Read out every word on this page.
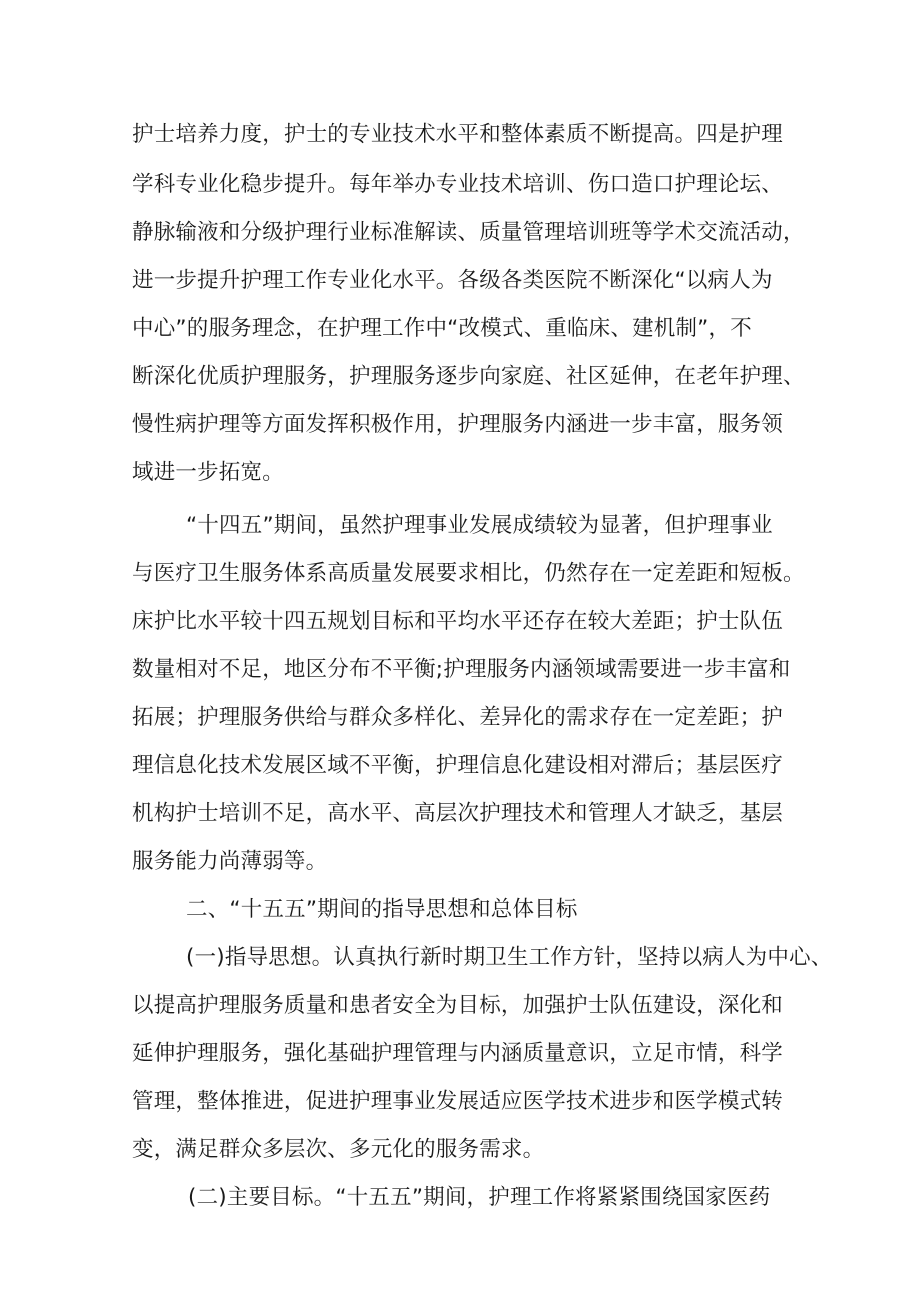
护士培养力度，护士的专业技术水平和整体素质不断提高。四是护理
学科专业化稳步提升。每年举办专业技术培训、伤口造口护理论坛、
静脉输液和分级护理行业标准解读、质量管理培训班等学术交流活动，
进一步提升护理工作专业化水平。各级各类医院不断深化“以病人为
中心”的服务理念，在护理工作中“改模式、重临床、建机制”，不
断深化优质护理服务，护理服务逐步向家庭、社区延伸，在老年护理、
慢性病护理等方面发挥积极作用，护理服务内涵进一步丰富，服务领
域进一步拓宽。
“十四五”期间，虽然护理事业发展成绩较为显著，但护理事业
与医疗卫生服务体系高质量发展要求相比，仍然存在一定差距和短板。
床护比水平较十四五规划目标和平均水平还存在较大差距；护士队伍
数量相对不足，地区分布不平衡;护理服务内涵领域需要进一步丰富和
拓展；护理服务供给与群众多样化、差异化的需求存在一定差距；护
理信息化技术发展区域不平衡，护理信息化建设相对滞后；基层医疗
机构护士培训不足，高水平、高层次护理技术和管理人才缺乏，基层
服务能力尚薄弱等。
二、“十五五”期间的指导思想和总体目标
(一)指导思想。认真执行新时期卫生工作方针，坚持以病人为中心、
以提高护理服务质量和患者安全为目标，加强护士队伍建设，深化和
延伸护理服务，强化基础护理管理与内涵质量意识，立足市情，科学
管理，整体推进，促进护理事业发展适应医学技术进步和医学模式转
变，满足群众多层次、多元化的服务需求。
(二)主要目标。“十五五”期间，护理工作将紧紧围绕国家医药
